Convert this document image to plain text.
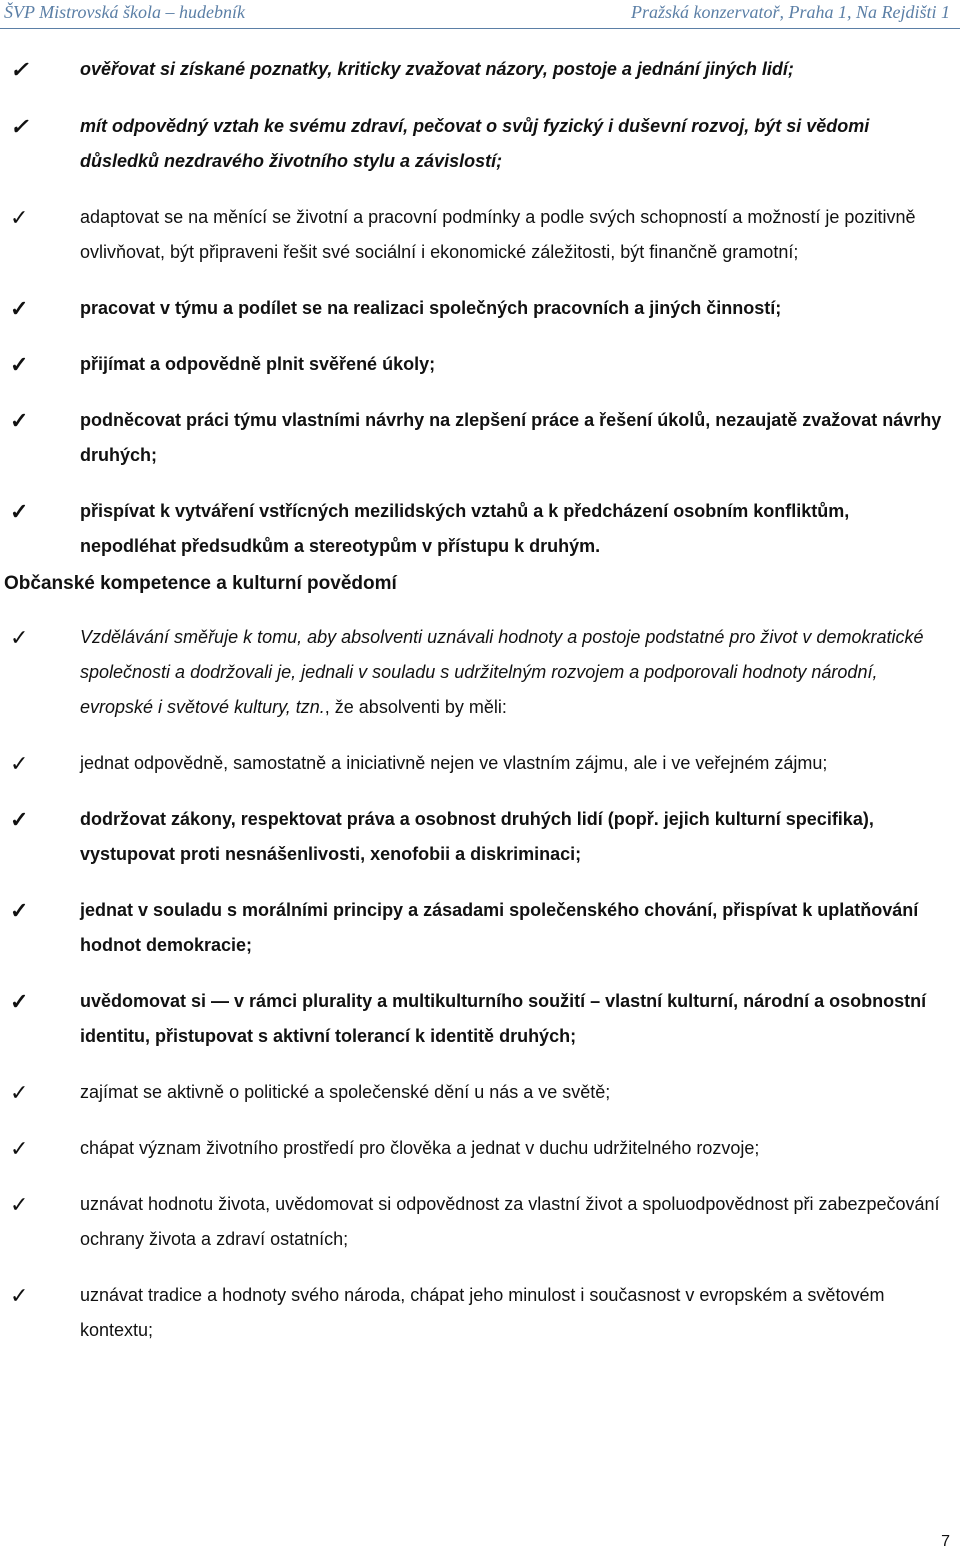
ŠVP Mistrovská škola – hudebník	Pražská konzervatoř, Praha 1, Na Rejdišti 1
✓	ověřovat si získané poznatky, kriticky zvažovat názory, postoje a jednání jiných lidí;
✓	mít odpovědný vztah ke svému zdraví, pečovat o svůj fyzický i duševní rozvoj, být si vědomi důsledků nezdravého životního stylu a závislostí;
✓	adaptovat se na měnící se životní a pracovní podmínky a podle svých schopností a možností je pozitivně ovlivňovat, být připraveni řešit své sociální i ekonomické záležitosti, být finančně gramotní;
✓	pracovat v týmu a podílet se na realizaci společných pracovních a jiných činností;
✓	přijímat a odpovědně plnit svěřené úkoly;
✓	podněcovat práci týmu vlastními návrhy na zlepšení práce a řešení úkolů, nezaujatě zvažovat návrhy druhých;
✓	přispívat k vytváření vstřícných mezilidských vztahů a k předcházení osobním konfliktům, nepodléhat předsudkům a stereotypům v přístupu k druhým.
Občanské kompetence a kulturní povědomí
✓	Vzdělávání směřuje k tomu, aby absolventi uznávali hodnoty a postoje podstatné pro život v demokratické společnosti a dodržovali je, jednali v souladu s udržitelným rozvojem a podporovali hodnoty národní, evropské i světové kultury, tzn., že absolventi by měli:
✓	jednat odpovědně, samostatně a iniciativně nejen ve vlastním zájmu, ale i ve veřejném zájmu;
✓	dodržovat zákony, respektovat práva a osobnost druhých lidí (popř. jejich kulturní specifika), vystupovat proti nesnášenlivosti, xenofobii a diskriminaci;
✓	jednat v souladu s morálními principy a zásadami společenského chování, přispívat k uplatňování hodnot demokracie;
✓	uvědomovat si — v rámci plurality a multikulturního soužití – vlastní kulturní, národní a osobnostní identitu, přistupovat s aktivní tolerancí k identitě druhých;
✓	zajímat se aktivně o politické a společenské dění u nás a ve světě;
✓	chápat význam životního prostředí pro člověka a jednat v duchu udržitelného rozvoje;
✓	uznávat hodnotu života, uvědomovat si odpovědnost za vlastní život a spoluodpovědnost při zabezpečování ochrany života a zdraví ostatních;
✓	uznávat tradice a hodnoty svého národa, chápat jeho minulost i současnost v evropském a světovém kontextu;
7
